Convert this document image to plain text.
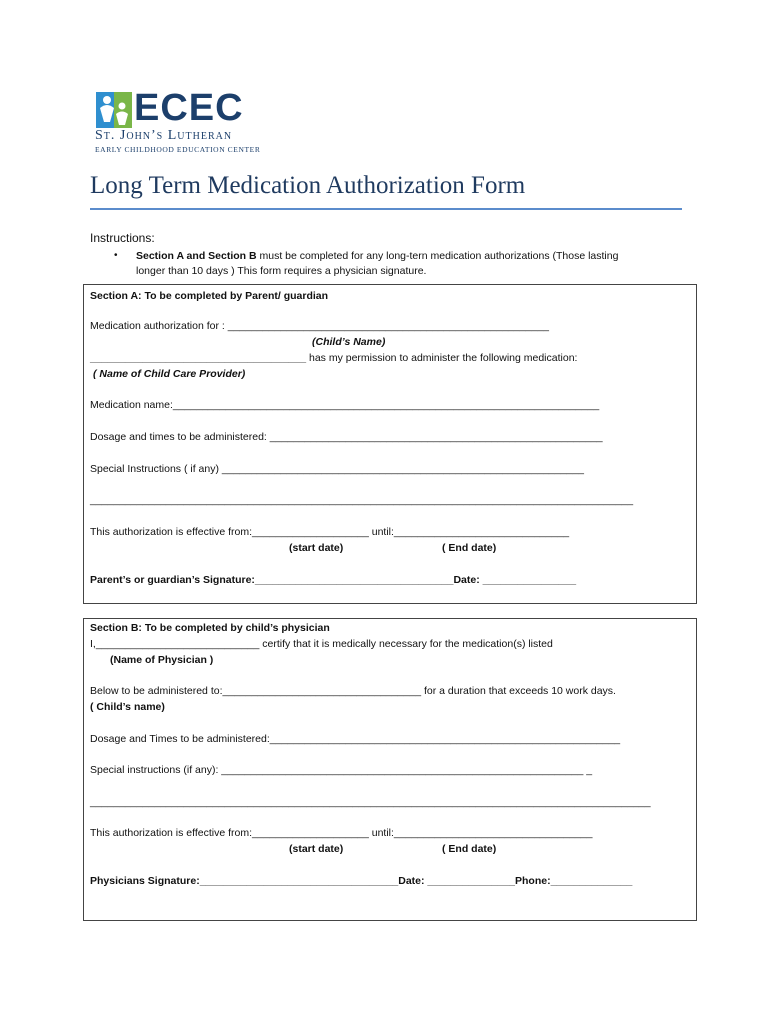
ECEC
St. John’s Lutheran
EARLY CHILDHOOD EDUCATION CENTER
Long Term Medication Authorization Form
Instructions:
• Section A and Section B must be completed for any long-tern medication authorizations (Those lasting
longer than 10 days ) This form requires a physician signature.
Section A: To be completed by Parent/ guardian
Medication authorization for : _______________________________________________________
(Child’s Name)
_____________________________________ has my permission to administer the following medication:
( Name of Child Care Provider)
Medication name:_________________________________________________________________________
Dosage and times to be administered: _________________________________________________________
Special Instructions ( if any) ______________________________________________________________
_____________________________________________________________________________________________
This authorization is effective from:____________________ until:______________________________
(start date)	( End date)
Parent’s or guardian’s Signature:__________________________________Date: ________________
Section B: To be completed by child’s physician
I,____________________________ certify that it is medically necessary for the medication(s) listed
(Name of Physician )
Below to be administered to:__________________________________ for a duration that exceeds 10 work days.
( Child’s name)
Dosage and Times to be administered:____________________________________________________________
Special instructions (if any): ______________________________________________________________ _
________________________________________________________________________________________________
This authorization is effective from:____________________ until:__________________________________
(start date)	( End date)
Physicians Signature:__________________________________Date: _______________Phone:______________
